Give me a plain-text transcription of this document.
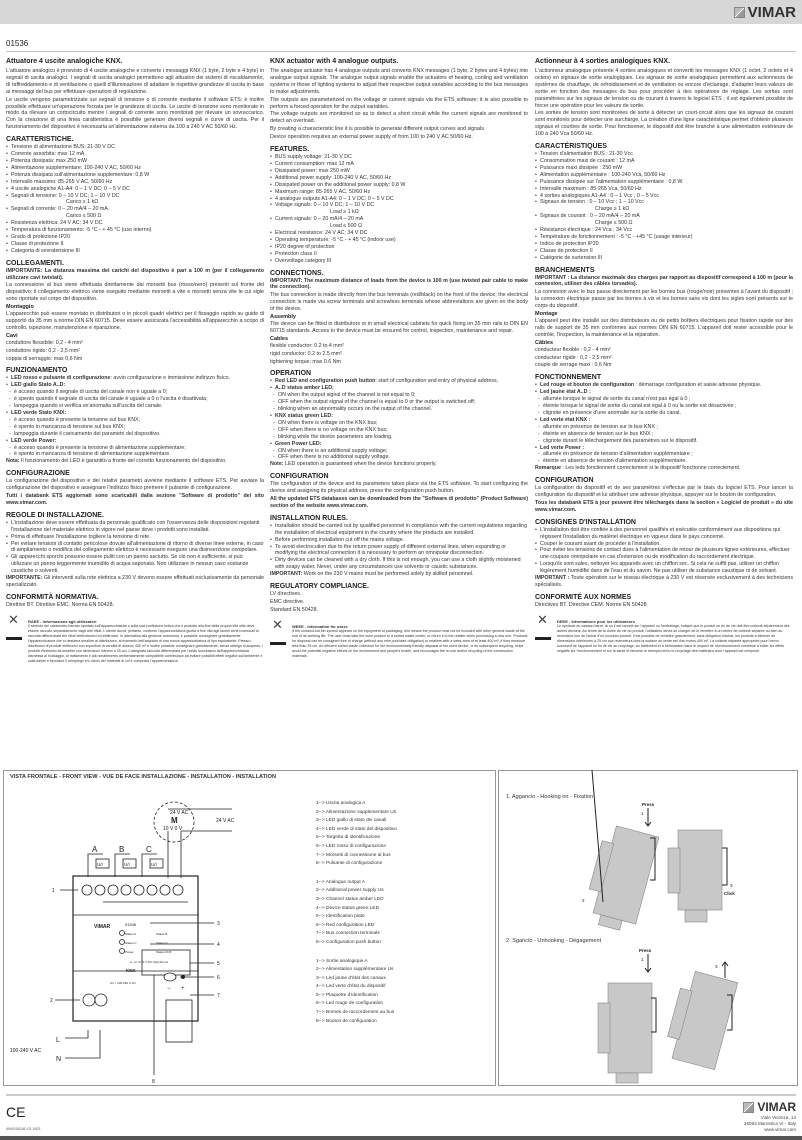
VIMAR
01536
Attuatore 4 uscite analogiche KNX.

L'attuatore analogico è provvisto di 4 uscite analogiche e converte i messaggi KNX (1 byte, 2 byte e 4 byte) in segnali di uscita analogici. I segnali di uscita analogici permettono agli attuatori dei sistemi di riscaldamento, di raffreddamento e di ventilazione o quelli d'illuminazione di adattare le rispettive grandezze di uscita in base ai messaggi del bus per effettuare operazioni di regolazione.

Le uscite vengono parametrizzate sui segnali di tensione o di corrente mediante il software ETS; è inoltre possibile effettuare un'operazione forzata per le grandezze di uscita. Le uscite di tensione sono monitorate in modo da rilevare un cortocircuito mentre i segnali di corrente sono monitorati per rilevare un sovraccarico. Con la creazione di una linea caratteristica è possibile generare diversi segnali e curve di uscita. Per il funzionamento del dispositivo è necessaria un'alimentazione esterna da 100 a 240 V AC 50/60 Hz.

CARATTERISTICHE.
• Tensione di alimentazione BUS: 21-30 V DC
• Corrente assorbita: max 12 mA
• Potenza dissipata: max 250 mW
• Alimentazione supplementare: 100-240 V AC, 50/60 Hz
• Potenza dissipata sull'alimentazione supplementare: 0,8 W
• Intervallo massimo: 85-265 V AC, 50/60 Hz
• 4 uscite analogiche A1-A4: 0 – 1 V DC; 0 – 5 V DC
• Segnali di tensione: 0 – 10 V DC; 1 – 10 V DC
Carico ≥ 1 kΩ
• Segnali di corrente: 0 – 20 mA/4 – 20 mA
Carico ≤ 500 Ω
• Resistenza elettrica: 24 V AC; 34 V DC
• Temperatura di funzionamento: -5 °C - + 45 °C (uso interno)
• Grado di protezione IP20
• Classe di protezione II
• Categoria di sovratensione III
COLLEGAMENTI.

IMPORTANTE: La distanza massima dei carichi del dispositivo è pari a 100 m (per il collegamento utilizzare cavi twistati).

La connessione al bus viene effettuata direttamente dai morsetti bus (rosso/nero) presenti sul fronte del dispositivo; il collegamento elettrico viene eseguito mediante morsetti a vite e morsetti senza vite le cui sigle sono riportate sul corpo del dispositivo.

Montaggio

L'apparecchio può essere montato in distributori o in piccoli quadri elettrici per il fissaggio rapido su guide di supporto da 35 mm a norme DIN EN 60715. Deve essere assicurata l'accessibilità all'apparecchio a scopo di controllo, ispezione, manutenzione e riparazione.

Cavi

conduttore flessibile: 0,2 - 4 mm²

conduttore rigido: 0,2 - 2,5 mm²

coppia di serraggio: max 0,6 Nm

FUNZIONAMENTO
• LED rosso e pulsante di configurazione: avvio configurazione e immissione indirizzo fisico.
• LED giallo Stato A..D:
- è acceso quando il segnale di uscita del canale non è uguale a 0;
- è spento quando il segnale di uscita del canale è uguale a 0 o l'uscita è disattivata;
- lampeggia quando si verifica un'anomalia sull'uscita del canale.
• LED verde Stato KNX:
- è acceso quando è presente la tensione sul bus KNX;
- è spento in mancanza di tensione sul bus KNX;
- lampeggia durante il caricamento dei parametri del dispositivo.
• LED verde Power:
- è acceso quando è presente la tensione di alimentazione supplementare;
- è spento in mancanza di tensione di alimentazione supplementare.

Nota: Il funzionamento del LED è garantito a fronte del corretto funzionamento del dispositivo.

CONFIGURAZIONE

La configurazione del dispositivo e dei relativi parametri avviene mediante il software ETS. Per avviare la configurazione del dispositivo e assegnare l'indirizzo fisico premere il pulsante di configurazione.

Tutti i databank ETS aggiornati sono scaricabili dalla sezione "Software di prodotto" del sito www.vimar.com.

REGOLE DI INSTALLAZIONE.
• L'installazione deve essere effettuata da personale qualificato con l'osservanza delle disposizioni regolanti l'installazione del materiale elettrico in vigore nel paese dove i prodotti sono installati.
• Prima di effettuare l'installazione togliere la tensione di rete.
• Per evitare tensioni di contatto pericolose dovute all'alimentazione di ritorno di diverse linee esterne, in caso di ampliamento o modifica del collegamento elettrico è necessario eseguire una disinserzione onnipolare.
• Gli apparecchi sporchi possono essere puliti con un panno asciutto. Se ciò non è sufficiente, si può utilizzare un panno leggermente inumidito di acqua saponata. Non utilizzare in nessun caso sostanze caustiche o solventi.

IMPORTANTE: Gli interventi sulla rete elettrica a 230 V devono essere effettuati esclusivamente da personale specializzato.

CONFORMITÀ NORMATIVA.

Direttive BT. Direttive EMC. Norma EN 50428.

✕
RAEE - Informazione agli utilizzatori
Il simbolo del cassonetto barrato riportato sull'apparecchiatura o sulla sua confezione indica che il prodotto alla fine della propria vita utile deve essere raccolto separatamente dagli altri rifiuti. L'utente dovrà, pertanto, conferire l'apparecchiatura giunta a fine vita agli idonei centri comunali di raccolta differenziata dei rifiuti elettrotecnici ed elettronici. In alternativa alla gestione autonoma, è possibile consegnare gratuitamente l'apparecchiatura che si desidera smaltire al distributore, al momento dell'acquisto di una nuova apparecchiatura di tipo equivalente. Presso i distributori di prodotti elettronici con superficie di vendita di almeno 400 m² è inoltre possibile consegnare gratuitamente, senza obbligo di acquisto, i prodotti elettronici da smaltire con dimensioni inferiori a 25 cm. L'adeguata raccolta differenziata per l'avvio successivo dell'apparecchiatura dismessa al riciclaggio, al trattamento e allo smaltimento ambientalmente compatibile contribuisce ad evitare possibili effetti negativi sull'ambiente e sulla salute e favorisce il reimpiego e/o riciclo dei materiali di cui è composta l'apparecchiatura.
KNX actuator with 4 analogue outputs.

The analogue actuator has 4 analogue outputs and converts KNX messages (1 byte, 2 bytes and 4 bytes) into analogue output signals. The analogue output signals enable the actuators of heating, cooling and ventilation systems or those of lighting systems to adjust their respective output variables according to the bus messages to make adjustments.

The outputs are parameterized on the voltage or current signals via the ETS software; it is also possible to perform a forced operation for the output variables.

The voltage outputs are monitored so as to detect a short circuit while the current signals are monitored to detect an overload.

By creating a characteristic line it is possible to generate different output curves and signals.

Device operation requires an external power supply of from 100 to 240 V AC 50/60 Hz.

FEATURES.
• BUS supply voltage: 21-30 V DC
• Current consumption: max 12 mA
• Dissipated power: max 250 mW
• Additional power supply: 100-240 V AC, 50/60 Hz
• Dissipated power on the additional power supply: 0.8 W
• Maximum range: 85-265 V AC, 50/60 Hz
• 4 analogue outputs A1-A4: 0 – 1 V DC; 0 – 5 V DC
• Voltage signals: 0 – 10 V DC; 1 – 10 V DC
Load ≥ 1 kΩ
• Current signals: 0 – 20 mA/4 – 20 mA
Load ≤ 500 Ω
• Electrical resistance: 24 V AC; 34 V DC
• Operating temperature: -5 °C - + 45 °C (indoor use)
• IP20 degree of protection
• Protection class II
• Overvoltage category III
CONNECTIONS.

IMPORTANT: The maximum distance of loads from the device is 100 m (use twisted pair cable to make the connection).

The bus connection is made directly from the bus terminals (red/black) on the front of the device; the electrical connection is made via screw terminals and screwless terminals whose abbreviations are given on the body of the device.

Assembly

The device can be fitted in distributors or in small electrical cabinets for quick fixing on 35 mm rails to DIN EN 60715 standards. Access to the device must be ensured for control, inspection, maintenance and repair.

Cables

flexible conductor: 0.2 to 4 mm²

rigid conductor: 0.2 to 2.5 mm²

tightening torque: max 0.6 Nm

OPERATION
• Red LED and configuration push button: start of configuration and entry of physical address.
• A..D status amber LED:
- ON when the output signal of the channel is not equal to 0;
- OFF when the output signal of the channel is equal to 0 or the output is switched off;
- blinking when an abnormality occurs on the output of the channel.
• KNX status green LED:
- ON when there is voltage on the KNX bus;
- OFF when there is no voltage on the KNX bus;
- blinking while the device parameters are loading.
• Green Power LED:
- ON when there is an additional supply voltage;
- OFF when there is no additional supply voltage.

Note: LED operation is guaranteed when the device functions properly.

CONFIGURATION

The configuration of the device and its parameters takes place via the ETS software. To start configuring the device and assigning its physical address, press the configuration push button.

All the updated ETS databases can be downloaded from the "Software di prodotto" (Product Software) section of the website www.vimar.com.

INSTALLATION RULES.
• Installation should be carried out by qualified personnel in compliance with the current regulations regarding the installation of electrical equipment in the country where the products are installed.
• Before performing installation cut off the mains voltage.
• To avoid electrocution due to the return power supply of different external lines, when expanding or modifying the electrical connection it is necessary to perform an omnipolar disconnection.
• Dirty devices can be cleaned with a dry cloth. If this is not enough, you can use a cloth slightly moistened with soapy water. Never, under any circumstances use solvents or caustic substances.

IMPORTANT: Work on the 230 V mains must be performed solely by skilled personnel.

REGULATORY COMPLIANCE.

LV directives.

EMC directive.

Standard EN 50428.

✕
WEEE - Information for users
If the crossed-out bin symbol appears on the equipment or packaging, this means the product must not be included with other general waste at the end of its working life. The user must take the worn product to a sorted waste center, or return it to the retailer when purchasing a new one. Products for disposal can be consigned free of charge (without any new purchase obligation) to retailers with a sales area of at least 400 m², if they measure less than 25 cm. An efficient sorted waste collection for the environmentally friendly disposal of the used device, or its subsequent recycling, helps avoid the potential negative effects on the environment and people's health, and encourages the re-use and/or recycling of the construction materials.
Actionneur à 4 sorties analogiques KNX.

L'actionneur analogique présente 4 sorties analogiques et convertit les messages KNX (1 octet, 2 octets et 4 octets) en signaux de sortie analogiques. Les signaux de sortie analogiques permettent aux actionneurs de systèmes de chauffage, de refroidissement et de ventilation ou encore d'éclairage, d'adapter leurs valeurs de sortie en fonction des messages du bus pour procéder à des opérations de réglage. Les sorties sont paramétrées sur les signaux de tension ou de courant à travers le logiciel ETS ; il est également possible de forcer une opération pour les valeurs de sortie.

Les sorties de tension sont monitorées de sorte à détecter un court-circuit alors que les signaux de courant sont monitorés pour détecter une surcharge. La création d'une ligne caractéristique permet d'obtenir plusieurs signaux et courbes de sortie. Pour fonctionner, le dispositif doit être branché à une alimentation extérieure de 100 à 240 Vca 50/60 Hz.

CARACTÉRISTIQUES
• Tension d'alimentation BUS : 21-30 Vcc
• Consommation maxi de courant : 12 mA
• Puissance maxi dissipée : 250 mW
• Alimentation supplémentaire : 100-240 Vca, 50/60 Hz
• Puissance dissipée sur l'alimentation supplémentaire : 0,8 W
• Intervalle maximum : 85-265 Vca, 50/60 Hz
• 4 sorties analogiques A1-A4 : 0 – 1 Vcc ; 0 – 5 Vcc
• Signaux de tension : 0 – 10 Vcc ; 1 – 10 Vcc
Charge ≥ 1 kΩ
• Signaux de courant : 0 – 20 mA/4 – 20 mA
Charge ≤ 500 Ω
• Résistance électrique : 24 Vca ; 34 Vcc
• Température de fonctionnement : -5 °C - +45 °C (usage intérieur)
• Indice de protection IP20
• Classe de protection II
• Catégorie de surtension III
BRANCHEMENTS

IMPORTANT : La distance maximale des charges par rapport au dispositif correspond à 100 m (pour la connexion, utiliser des câbles torsadés).

La connexion avec le bus passe directement par les bornes bus (rouge/noir) présentes à l'avant du dispositif ; la connexion électrique passe par les bornes à vis et les bornes sans vis dont les sigles sont présents sur le corps du dispositif.

Montage

L'appareil peut être installé sur des distributeurs ou de petits boîtiers électriques pour fixation rapide sur des rails de support de 35 mm conformes aux normes DIN EN 60715. L'appareil doit rester accessible pour le contrôle, l'inspection, la maintenance et la réparation.

Câbles

conducteur flexible : 0,2 - 4 mm²

conducteur rigide : 0,2 - 2,5 mm²

couple de serrage maxi : 0,6 Nm

FONCTIONNEMENT
• Led rouge et bouton de configuration : démarrage configuration et saisie adresse physique.
• Led jaune état A..D :
- allumée lorsque le signal de sortie du canal n'est pas égal à 0 ;
- éteinte lorsque le signal de sortie du canal est égal à 0 ou la sortie est désactivée ;
- clignote en présence d'une anomalie sur la sortie du canal.
• Led verte état KNX :
- allumée en présence de tension sur le bus KNX ;
- éteinte en absence de tension sur le bus KNX ;
- clignote durant le téléchargement des paramètres sur le dispositif.
• Led verte Power :
- allumée en présence de tension d'alimentation supplémentaire ;
- éteinte en absence de tension d'alimentation supplémentaire.

Remarque : Les leds fonctionnent correctement si le dispositif fonctionne correctement.

CONFIGURATION

La configuration du dispositif et de ses paramètres s'effectue par le biais du logiciel ETS. Pour lancer la configuration du dispositif et lui attribuer une adresse physique, appuyer sur le bouton de configuration.

Tous les databank ETS à jour peuvent être téléchargés dans la section « Logiciel de produit » du site www.vimar.com.

CONSIGNES D'INSTALLATION
• L'installation doit être confiée à des personnel qualifiés et exécutée conformément aux dispositions qui régissent l'installation du matériel électrique en vigueur dans le pays concerné.
• Couper le courant avant de procéder à l'installation.
• Pour éviter les tensions de contact dues à l'alimentation de retour de plusieurs lignes extérieures, effectuer une coupure omnipolaire en cas d'extension ou de modification du raccordement électrique.
• Lorsqu'ils sont sales, nettoyer les appareils avec un chiffon sec. Si cela ne suffit pas, utiliser un chiffon légèrement humidifié dans de l'eau et du savon. Ne pas utiliser de substance caustique ni de solvant.

IMPORTANT : Toute opération sur le réseau électrique à 230 V est réservée exclusivement à des techniciens spécialisés.

CONFORMITÉ AUX NORMES

Directives BT. Directive CEM. Norme EN 50428

✕
DEEE - Informations pour les utilisateurs
Le symbole du caisson barré, là où il est reporté sur l'appareil ou l'emballage, indique que le produit en fin de vie doit être collecté séparément des autres déchets. Au terme de la durée de vie du produit, l'utilisateur devra se charger de le remettre à un centre de collecte séparée ou bien au revendeur lors de l'achat d'un nouveau produit. Il est possible de remettre gratuitement, sans obligation d'achat, les produits à éliminer de dimensions inférieures à 25 cm aux revendeurs dont la surface de vente est d'au moins 400 m². La collecte séparée appropriée pour l'envoi successif de l'appareil en fin de vie au recyclage, au traitement et à l'élimination dans le respect de l'environnement contribue à éviter les effets négatifs sur l'environnement et sur la santé et favorise le réemploi et/ou le recyclage des matériaux dont l'appareil est composé.
VISTA FRONTALE - FRONT VIEW - VUE DE FACE INSTALLAZIONE - INSTALLATION - INSTALLATION
24 V AC
M
10 V 0 V
24 V AC
A	B	C
U/I	U/I	U/I
VIMAR	01536
Status A
Status C
Power
Status B
Status D
Status KNX
A...D: 0-10 V DC 0(4)-20 mA
KNX
Us = 100-240 V AC
L
N
100-240 V AC
1
2
3
4
5
6
7
8
− +
1--> Uscita analogica A
2--> Alimentazione supplementare Us
3--> LED giallo di stato dei canali
4--> LED verde di stato del dispositivo
5--> Targetta di identificazione
6--> LED rosso di configurazione
7--> Morsetti di connessione al bus
8--> Pulsante di configurazione
1--> Analogue output A
2--> Additional power supply Us
3--> Channel status amber LED
4--> Device status green LED
5--> Identification plate
6--> Red configuration LED
7--> Bus connection terminals
8--> Configuration push button
1--> Sortie analogique A
2--> Alimentation supplémentaire Us
3--> Led jaune d'état des canaux
4--> Led verte d'état du dispositif
5--> Plaquette d'identification
6--> Led rouge de configuration
7--> Bornes de raccordement au bus
8--> Bouton de configuration
1. Aggancio - Hooking on - Fixation
2. Sgancio - Unhooking - Dégagement
Press
1
2
3
Click
Press
1
3
CE
49401081A0 03 1903
VIMAR
Viale Vicenza, 14
36063 Marostica VI - Italy
www.vimar.com
